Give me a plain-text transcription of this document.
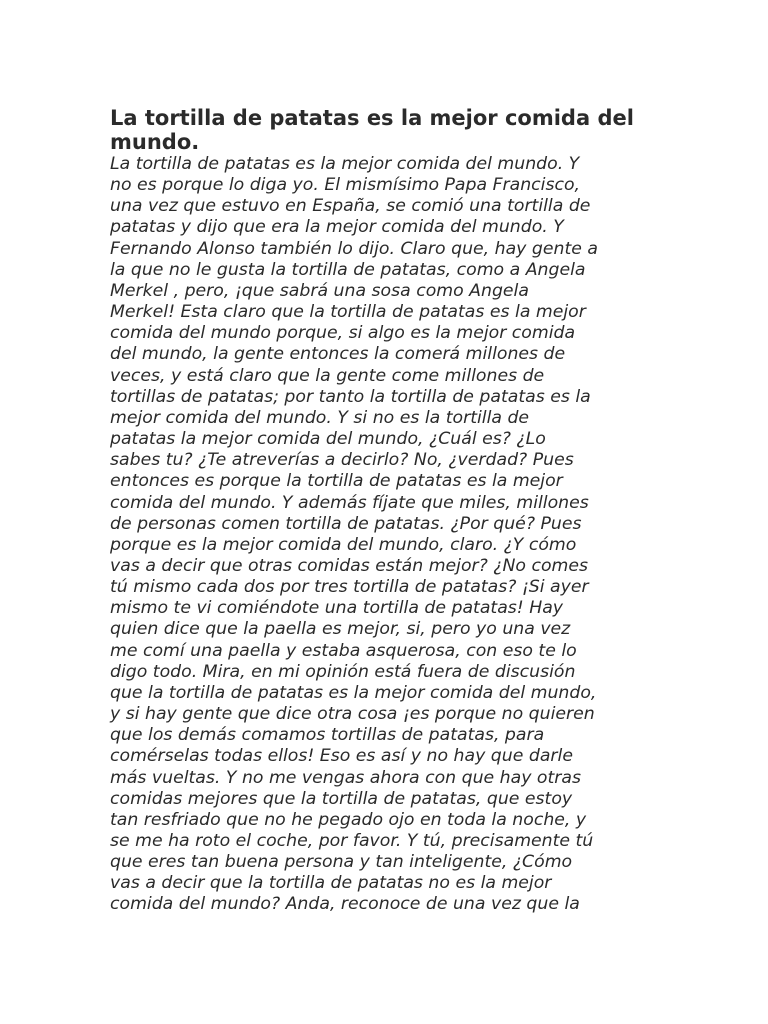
La tortilla de patatas es la mejor comida del
mundo.

La tortilla de patatas es la mejor comida del mundo. Y
no es porque lo diga yo. El mismísimo Papa Francisco,
una vez que estuvo en España, se comió una tortilla de
patatas y dijo que era la mejor comida del mundo. Y
Fernando Alonso también lo dijo. Claro que, hay gente a
la que no le gusta la tortilla de patatas, como a Angela
Merkel , pero, ¡que sabrá una sosa como Angela
Merkel! Esta claro que la tortilla de patatas es la mejor
comida del mundo porque, si algo es la mejor comida
del mundo, la gente entonces la comerá millones de
veces, y está claro que la gente come millones de
tortillas de patatas; por tanto la tortilla de patatas es la
mejor comida del mundo. Y si no es la tortilla de
patatas la mejor comida del mundo, ¿Cuál es? ¿Lo
sabes tu? ¿Te atreverías a decirlo? No, ¿verdad? Pues
entonces es porque la tortilla de patatas es la mejor
comida del mundo. Y además fíjate que miles, millones
de personas comen tortilla de patatas. ¿Por qué? Pues
porque es la mejor comida del mundo, claro. ¿Y cómo
vas a decir que otras comidas están mejor? ¿No comes
tú mismo cada dos por tres tortilla de patatas? ¡Si ayer
mismo te vi comiéndote una tortilla de patatas! Hay
quien dice que la paella es mejor, si, pero yo una vez
me comí una paella y estaba asquerosa, con eso te lo
digo todo. Mira, en mi opinión está fuera de discusión
que la tortilla de patatas es la mejor comida del mundo,
y si hay gente que dice otra cosa ¡es porque no quieren
que los demás comamos tortillas de patatas, para
comérselas todas ellos! Eso es así y no hay que darle
más vueltas. Y no me vengas ahora con que hay otras
comidas mejores que la tortilla de patatas, que estoy
tan resfriado que no he pegado ojo en toda la noche, y
se me ha roto el coche, por favor. Y tú, precisamente tú
que eres tan buena persona y tan inteligente, ¿Cómo
vas a decir que la tortilla de patatas no es la mejor
comida del mundo? Anda, reconoce de una vez que la
